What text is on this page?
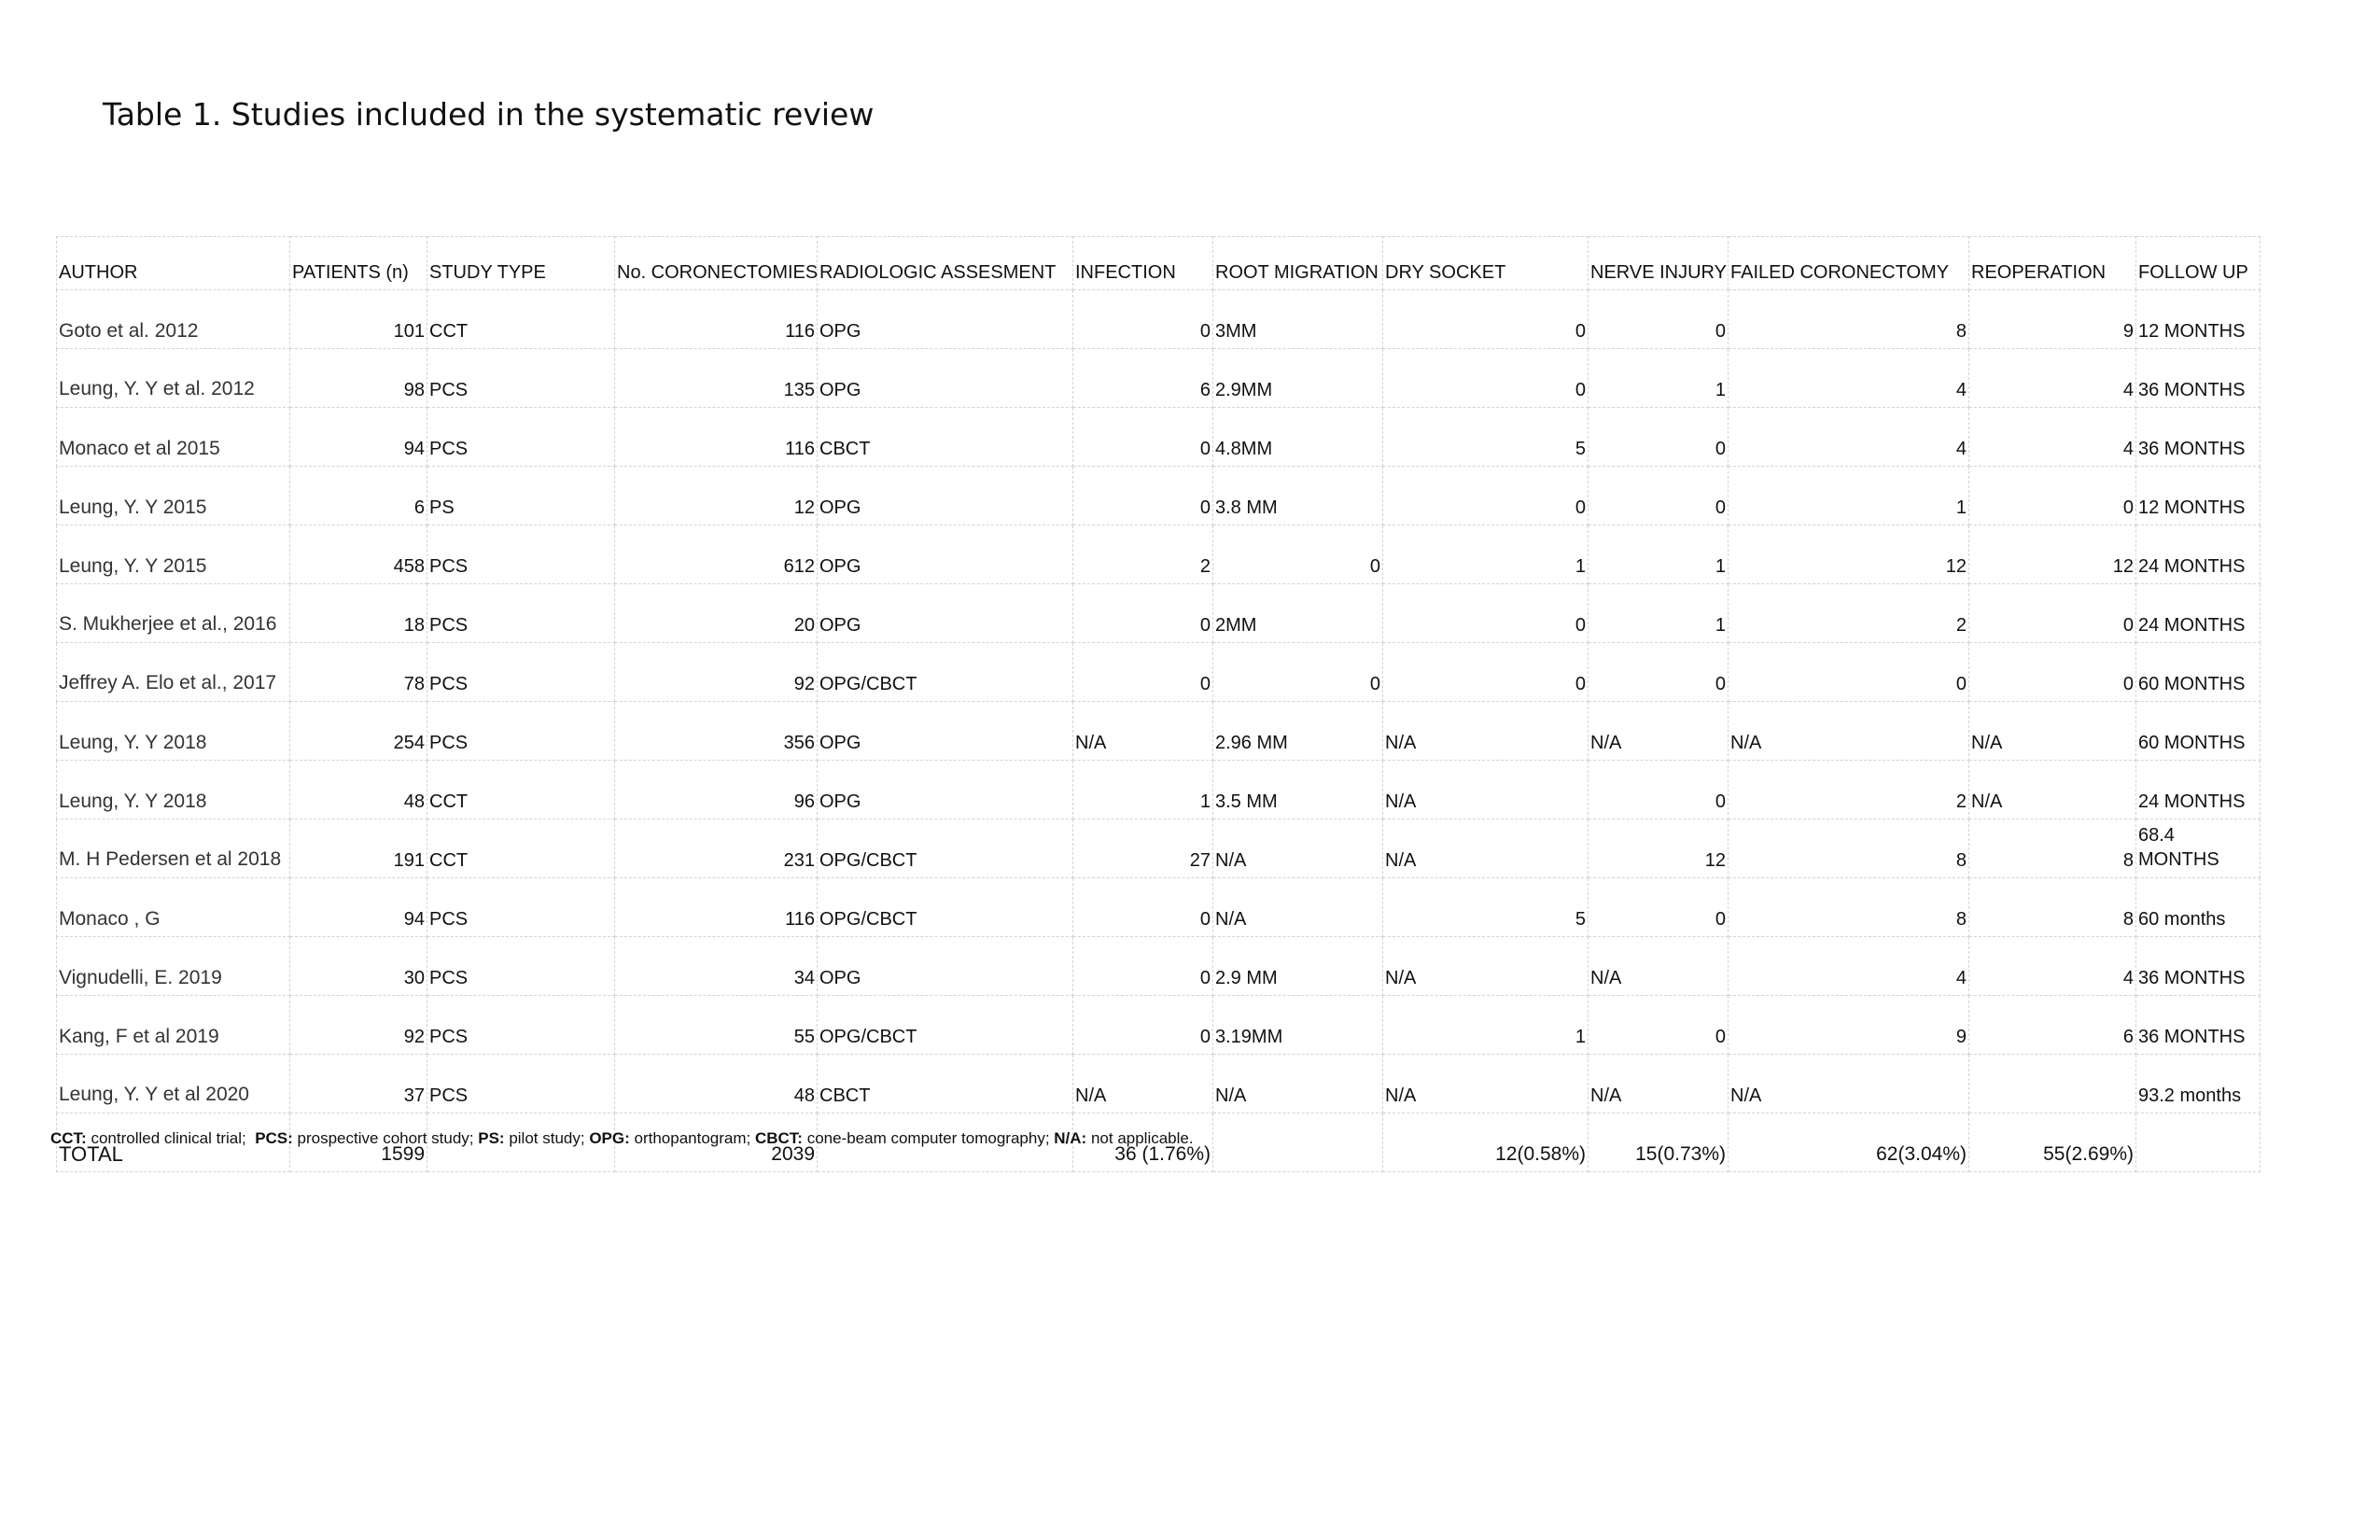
Table 1. Studies included in the systematic review
AUTHOR	PATIENTS (n)	STUDY TYPE	No. CORONECTOMIES	RADIOLOGIC ASSESMENT	INFECTION	ROOT MIGRATION	DRY SOCKET	NERVE INJURY	FAILED CORONECTOMY	REOPERATION	FOLLOW UP
Goto et al. 2012	101	CCT	116	OPG	0	3MM	0	0	8	9	12 MONTHS
Leung, Y. Y et al. 2012	98	PCS	135	OPG	6	2.9MM	0	1	4	4	36 MONTHS
Monaco et al 2015	94	PCS	116	CBCT	0	4.8MM	5	0	4	4	36 MONTHS
Leung, Y. Y 2015	6	PS	12	OPG	0	3.8 MM	0	0	1	0	12 MONTHS
Leung, Y. Y 2015	458	PCS	612	OPG	2	0	1	1	12	12	24 MONTHS
S. Mukherjee et al., 2016	18	PCS	20	OPG	0	2MM	0	1	2	0	24 MONTHS
Jeffrey A. Elo et al., 2017	78	PCS	92	OPG/CBCT	0	0	0	0	0	0	60 MONTHS
Leung, Y. Y 2018	254	PCS	356	OPG	N/A	2.96 MM	N/A	N/A	N/A	N/A	60 MONTHS
Leung, Y. Y 2018	48	CCT	96	OPG	1	3.5 MM	N/A	0	2	N/A	24 MONTHS
M. H Pedersen et al 2018	191	CCT	231	OPG/CBCT	27	N/A	N/A	12	8	8	68.4 MONTHS
Monaco , G	94	PCS	116	OPG/CBCT	0	N/A	5	0	8	8	60 months
Vignudelli, E. 2019	30	PCS	34	OPG	0	2.9 MM	N/A	N/A	4	4	36 MONTHS
Kang, F et al 2019	92	PCS	55	OPG/CBCT	0	3.19MM	1	0	9	6	36 MONTHS
Leung, Y. Y et al 2020	37	PCS	48	CBCT	N/A	N/A	N/A	N/A	N/A		93.2 months
TOTAL	1599		2039		36 (1.76%)		12(0.58%)	15(0.73%)	62(3.04%)	55(2.69%)	
CCT: controlled clinical trial;  PCS: prospective cohort study; PS: pilot study; OPG: orthopantogram; CBCT: cone-beam computer tomography; N/A: not applicable.
